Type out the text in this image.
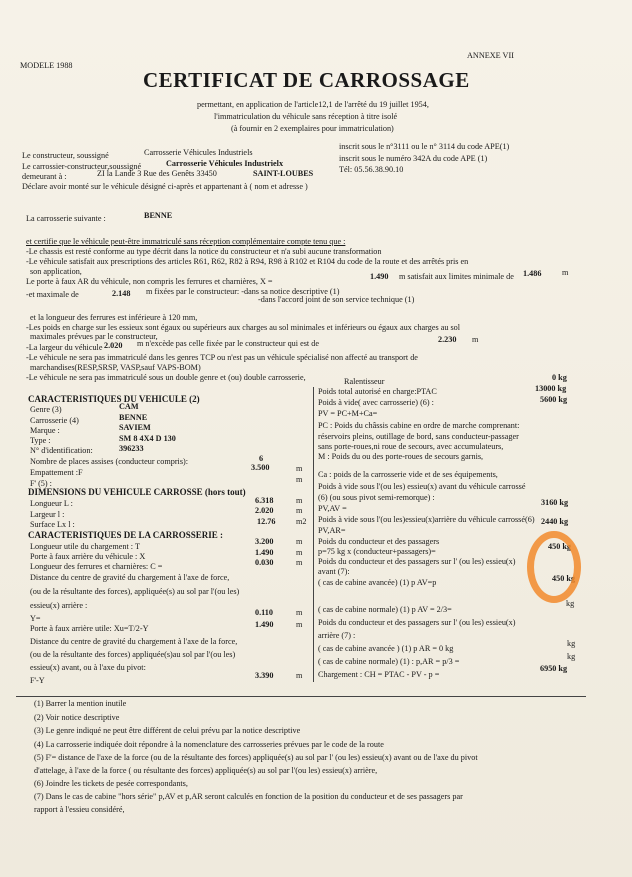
MODELE 1988
ANNEXE VII
CERTIFICAT DE CARROSSAGE
permettant, en application de l'article12,1 de l'arrêté du 19 juillet 1954,
l'immatriculation du véhicule sans réception à titre isolé
(à fournir en 2 exemplaires pour immatriculation)
Le constructeur, soussigné	Carrosserie Véhicules Industriels
inscrit sous le n°3111 ou le n° 3114 du code APE(1)
Le carrossier-constructeur,soussigné	Carrosserie Véhicules Industrielx
inscrit sous le numéro 342A du code APE (1)
demeurant à :	ZI la Lande 3 Rue des Genêts 33450	SAINT-LOUBES	Tél: 05.56.38.90.10
Déclare avoir monté sur le véhicule désigné ci-après et appartenant à ( nom et adresse )
La carrosserie suivante :	BENNE
et certifie que le véhicule peut-être immatriculé sans réception complémentaire compte tenu que :
-Le chassis est resté conforme au type décrit dans la notice du constructeur et n'a subi aucune transformation
-Le véhicule satisfait aux prescriptions des articles R61, R62, R82 à R94, R98 à R102 et R104 du code de la route et des arrêtés pris en
son application,
Le porte à faux AR du véhicule, non compris les ferrures et charnières, X =
1.490 m satisfait aux limites minimale de 1.486	m
-et maximale de	2.148 m fixées par le constructeur: -dans sa notice descriptive (1)
-dans l'accord joint de son service technique (1)
et la longueur des ferrures est inférieure à 120 mm,
-Les poids en charge sur les essieux sont égaux ou supérieurs aux charges au sol minimales et inférieurs ou égaux aux charges au sol
maximales prévues par le constructeur,
-La largeur du véhicule 2.020 m n'excède pas celle fixée par le constructeur qui est de	2.230 m
-Le véhicule ne sera pas immatriculé dans les genres TCP ou n'est pas un véhicule spécialisé non affecté au transport de
marchandises(RESP,SRSP, VASP,sauf VAPS-BOM)
-Le véhicule ne sera pas immatriculé sous un double genre et (ou) double carrosserie,
CARACTERISTIQUES DU VEHICULE (2)
Genre (3)	CAM
Carrosserie (4)	BENNE
Marque :	SAVIEM
Type :	SM 8 4X4 D 130
N° d'identification:	396233
Nombre de places assises (conducteur compris):	6
Empattement :F
3.500	m
F' (5) :	m
DIMENSIONS DU VEHICULE CARROSSE (hors tout)
Longueur L :	6.318	m
Largeur l :	2.020	m
Surface Lx l :	12.76	m2
CARACTERISTIQUES DE LA CARROSSERIE :
Longueur utile du chargement : T
3.200	m
Porte à faux arrière du véhicule : X	1.490	m
Longueur des ferrures et charnières: C =	0.030	m
Distance du centre de gravité du chargement à l'axe de force,
(ou de la résultante des forces), appliquée(s) au sol par l'(ou les)
essieu(x) arrière :
Y=
0.110	m
Porte à faux arrière utile: Xu=T/2-Y	1.490	m
Distance du centre de gravité du chargement à l'axe de la force,
(ou de la résultante des forces) appliquée(s)au sol par l'(ou les)
essieu(x) avant, ou à l'axe du pivot:
F'-Y
3.390	m
Ralentisseur	0 kg
Poids total autorisé en charge:PTAC	13000 kg
Poids à vide( avec carrosserie) (6) :	5600 kg
PV = PC+M+Ca=
PC : Poids du châssis cabine en ordre de marche comprenant:
réservoirs pleins, outillage de bord, sans conducteur-passager
sans porte-roues,ni roue de secours, avec accumulateurs,
M : Poids du ou des porte-roues de secours garnis,
Ca : poids de la carrosserie vide et de ses équipements,
Poids à vide sous l'(ou les) essieu(x) avant du véhicule carrossé
(6) (ou sous pivot semi-remorque) :
3160 kg
PV,AV =
Poids à vide sous l'(ou les)essieu(x)arrière du véhicule carrossé(6) 2440 kg
PV,AR=
Poids du conducteur et des passagers
p=75 kg x (conducteur+passagers)=
450 kg
Poids du conducteur et des passagers sur l' (ou les) essieu(x)
avant (7):
( cas de cabine avancée) (1) p AV=p	450 kg
( cas de cabine normale) (1) p AV = 2/3=
kg
Poids du conducteur et des passagers sur l' (ou les) essieu(x)
arrière (7) :
( cas de cabine avancée ) (1) p AR = 0 kg
kg
( cas de cabine normale) (1) : p,AR = p/3 =
kg
Chargement : CH = PTAC - PV - p =
6950 kg
(1) Barrer la mention inutile
(2) Voir notice descriptive
(3) Le genre indiqué ne peut être différent de celui prévu par la notice descriptive
(4) La carrosserie indiquée doit répondre à la nomenclature des carrosseries prévues par le code de la route
(5) F'= distance de l'axe de la force (ou de la résultante des forces) appliquée(s) au sol par l' (ou les) essieu(x) avant ou de l'axe du pivot
d'attelage, à l'axe de la force ( ou résultante des forces) appliquée(s) au sol par l'(ou les) essieu(x) arrière,
(6) Joindre les tickets de pesée correspondants,
(7) Dans le cas de cabine "hors série" p,AV et p,AR seront calculés en fonction de la position du conducteur et de ses passagers par
rapport à l'essieu considéré,
